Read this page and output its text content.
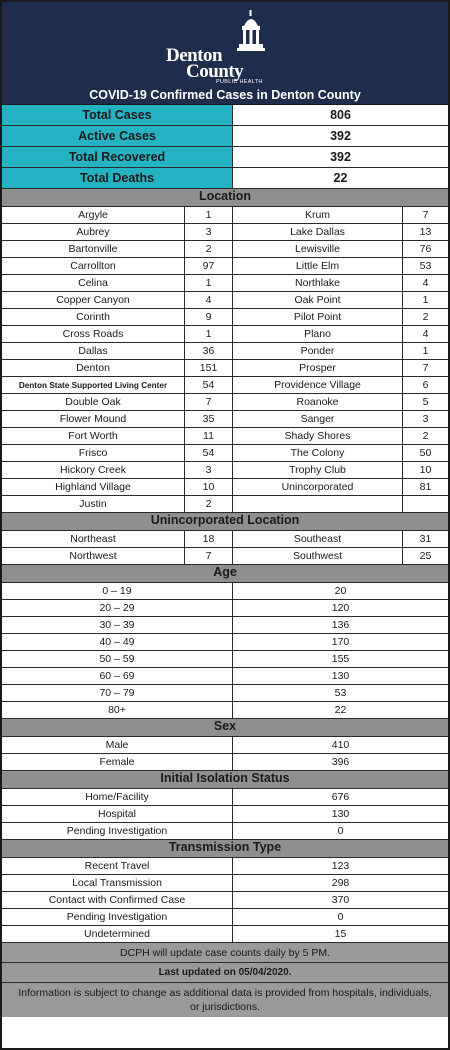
Denton
County
PUBLIC HEALTH
COVID-19 Confirmed Cases in Denton County
Total Cases	806
Active Cases	392
Total Recovered	392
Total Deaths	22
Location
Argyle	1	Krum	7
Aubrey	3	Lake Dallas	13
Bartonville	2	Lewisville	76
Carrollton	97	Little Elm	53
Celina	1	Northlake	4
Copper Canyon	4	Oak Point	1
Corinth	9	Pilot Point	2
Cross Roads	1	Plano	4
Dallas	36	Ponder	1
Denton	151	Prosper	7
Denton State Supported Living Center	54	Providence Village	6
Double Oak	7	Roanoke	5
Flower Mound	35	Sanger	3
Fort Worth	11	Shady Shores	2
Frisco	54	The Colony	50
Hickory Creek	3	Trophy Club	10
Highland Village	10	Unincorporated	81
Justin	2
Unincorporated Location
Northeast	18	Southeast	31
Northwest	7	Southwest	25
Age
0 – 19	20
20 – 29	120
30 – 39	136
40 – 49	170
50 – 59	155
60 – 69	130
70 – 79	53
80+	22
Sex
Male	410
Female	396
Initial Isolation Status
Home/Facility	676
Hospital	130
Pending Investigation	0
Transmission Type
Recent Travel	123
Local Transmission	298
Contact with Confirmed Case	370
Pending Investigation	0
Undetermined	15
DCPH will update case counts daily by 5 PM.
Last updated on 05/04/2020.
Information is subject to change as additional data is provided from hospitals, individuals, or jurisdictions.
